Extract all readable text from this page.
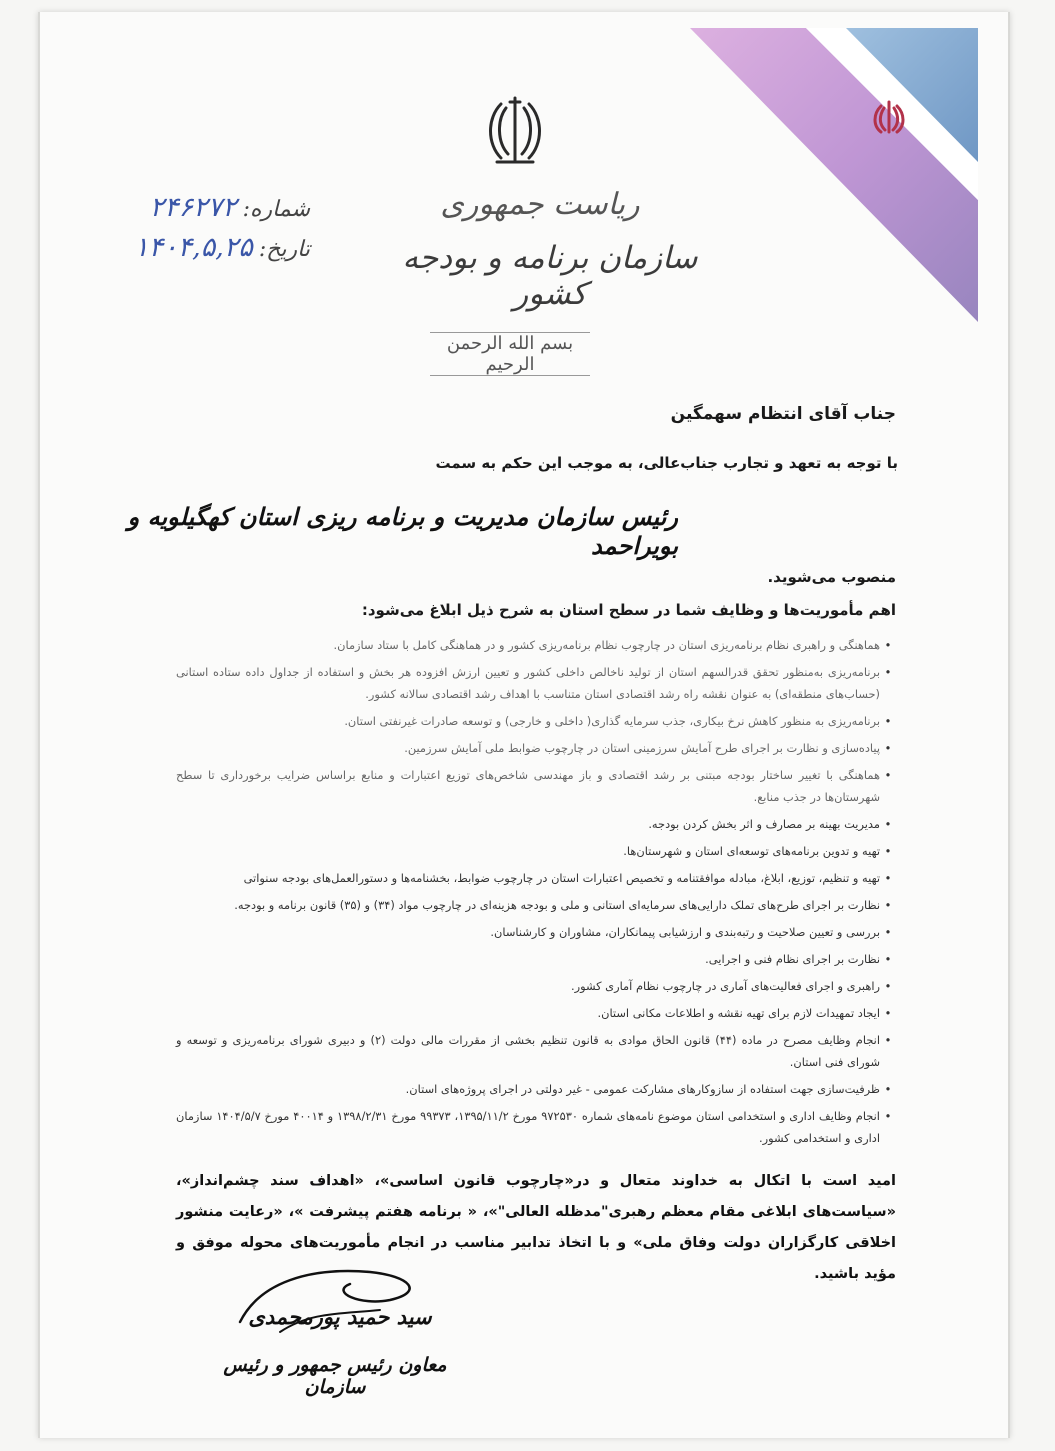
ریاست جمهوری
سازمان برنامه و بودجه کشور
بسم الله الرحمن الرحیم
شماره:
۲۴۶۲۷۲
تاریخ:
۱۴۰۴,۵,۲۵
جناب آقای انتظام سهمگین
با توجه به تعهد و تجارب جناب‌عالی، به موجب این حکم به سمت
رئیس سازمان مدیریت و برنامه ریزی استان کهگیلویه و بویراحمد
منصوب می‌شوید.
اهم مأموریت‌ها و وظایف شما در سطح استان به شرح ذیل ابلاغ می‌شود:
•
هماهنگی و راهبری نظام برنامه‌ریزی استان در چارچوب نظام برنامه‌ریزی کشور و در هماهنگی کامل با ستاد سازمان.
•
برنامه‌ریزی به‌منظور تحقق قدرالسهم استان از تولید ناخالص داخلی کشور و تعیین ارزش افزوده هر بخش و استفاده از جداول داده ستاده استانی (حساب‌های منطقه‌ای) به عنوان نقشه راه رشد اقتصادی استان متناسب با اهداف رشد اقتصادی سالانه کشور.
•
برنامه‌ریزی به منظور کاهش نرخ بیکاری، جذب سرمایه گذاری( داخلی و خارجی) و توسعه صادرات غیرنفتی استان.
•
پیاده‌سازی و نظارت بر اجرای طرح آمایش سرزمینی استان در چارچوب ضوابط ملی آمایش سرزمین.
•
هماهنگی با تغییر ساختار بودجه مبتنی بر رشد اقتصادی و باز مهندسی شاخص‌های توزیع اعتبارات و منابع براساس ضرایب برخورداری تا سطح شهرستان‌ها در جذب منابع.
•
مدیریت بهینه بر مصارف و اثر بخش کردن بودجه.
•
تهیه و تدوین برنامه‌های توسعه‌ای استان و شهرستان‌ها.
•
تهیه و تنظیم، توزیع، ابلاغ، مبادله موافقتنامه و تخصیص اعتبارات استان در چارچوب ضوابط، بخشنامه‌ها و دستورالعمل‌های بودجه سنواتی
•
نظارت بر اجرای طرح‌های تملک دارایی‌های سرمایه‌ای استانی و ملی و بودجه هزینه‌ای در چارچوب مواد (۳۴) و (۳۵) قانون برنامه و بودجه.
•
بررسی و تعیین صلاحیت و رتبه‌بندی و ارزشیابی پیمانکاران، مشاوران و کارشناسان.
•
نظارت بر اجرای نظام فنی و اجرایی.
•
راهبری و اجرای فعالیت‌های آماری در چارچوب نظام آماری کشور.
•
ایجاد تمهیدات لازم برای تهیه نقشه و اطلاعات مکانی استان.
•
انجام وظایف مصرح در ماده (۴۴) قانون الحاق موادی به قانون تنظیم بخشی از مقررات مالی دولت (۲) و دبیری شورای برنامه‌ریزی و توسعه و شورای فنی استان.
•
ظرفیت‌سازی جهت استفاده از سازوکارهای مشارکت عمومی - غیر دولتی در اجرای پروژه‌های استان.
•
انجام وظایف اداری و استخدامی استان موضوع نامه‌های شماره ۹۷۲۵۳۰ مورخ ۱۳۹۵/۱۱/۲، ۹۹۳۷۳ مورخ ۱۳۹۸/۲/۳۱ و ۴۰۰۱۴ مورخ ۱۴۰۴/۵/۷ سازمان اداری و استخدامی کشور.
امید است با اتکال به خداوند متعال و در«چارچوب قانون اساسی»، «اهداف سند چشم‌انداز»، «سیاست‌های ابلاغی مقام معظم رهبری"مدظله العالی"»، « برنامه هفتم پیشرفت »، «رعایت منشور اخلاقی کارگزاران دولت وفاق ملی» و با اتخاذ تدابیر مناسب در انجام مأموریت‌های محوله موفق و مؤید باشید.
سید حمید پورمحمدی
معاون رئیس جمهور و رئیس سازمان
